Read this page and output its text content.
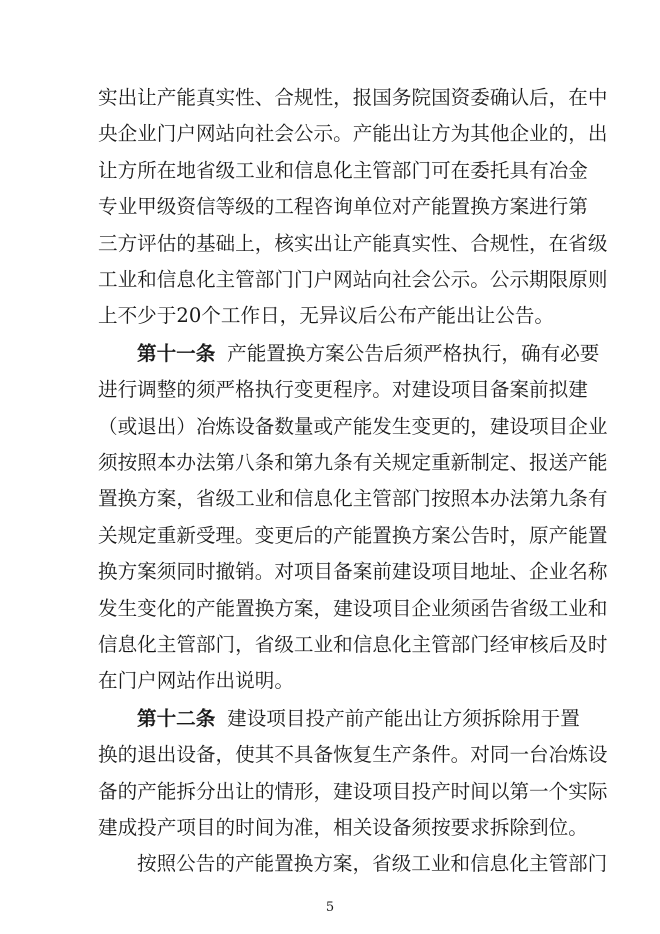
实出让产能真实性、合规性，报国务院国资委确认后，在中
央企业门户网站向社会公示。产能出让方为其他企业的，出
让方所在地省级工业和信息化主管部门可在委托具有冶金
专业甲级资信等级的工程咨询单位对产能置换方案进行第
三方评估的基础上，核实出让产能真实性、合规性，在省级
工业和信息化主管部门门户网站向社会公示。公示期限原则
上不少于20个工作日，无异议后公布产能出让公告。
第十一条 产能置换方案公告后须严格执行，确有必要
进行调整的须严格执行变更程序。对建设项目备案前拟建
（或退出）冶炼设备数量或产能发生变更的，建设项目企业
须按照本办法第八条和第九条有关规定重新制定、报送产能
置换方案，省级工业和信息化主管部门按照本办法第九条有
关规定重新受理。变更后的产能置换方案公告时，原产能置
换方案须同时撤销。对项目备案前建设项目地址、企业名称
发生变化的产能置换方案，建设项目企业须函告省级工业和
信息化主管部门，省级工业和信息化主管部门经审核后及时
在门户网站作出说明。
第十二条 建设项目投产前产能出让方须拆除用于置
换的退出设备，使其不具备恢复生产条件。对同一台冶炼设
备的产能拆分出让的情形，建设项目投产时间以第一个实际
建成投产项目的时间为准，相关设备须按要求拆除到位。
按照公告的产能置换方案，省级工业和信息化主管部门
5
